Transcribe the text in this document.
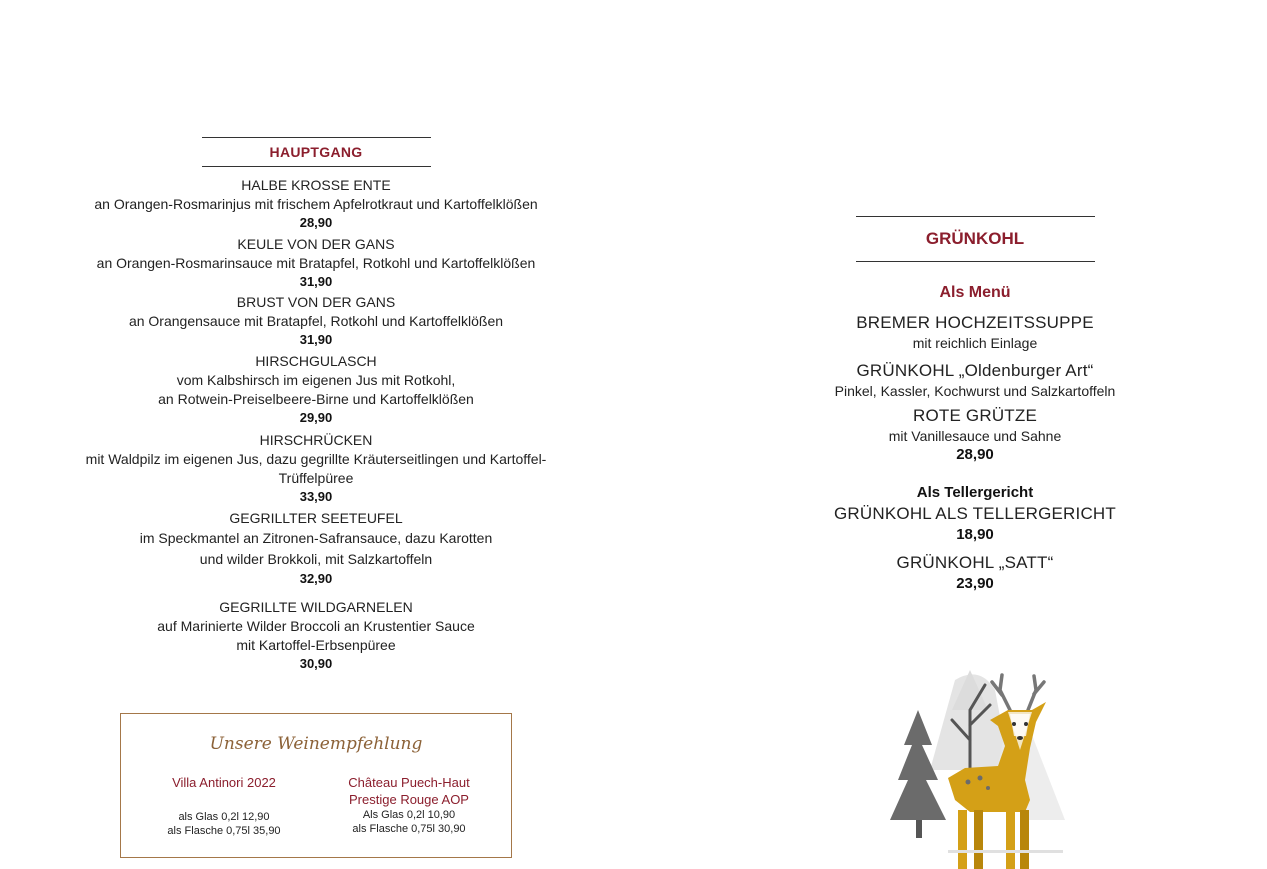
HAUPTGANG
HALBE KROSSE ENTE
an Orangen-Rosmarinjus mit frischem Apfelrotkraut und Kartoffelklößen
28,90
KEULE VON DER GANS
an Orangen-Rosmarinsauce mit Bratapfel, Rotkohl und Kartoffelklößen
31,90
BRUST VON DER GANS
an Orangensauce mit Bratapfel, Rotkohl und Kartoffelklößen
31,90
HIRSCHGULASCH
vom Kalbshirsch im eigenen Jus mit Rotkohl,
an Rotwein-Preiselbeere-Birne und Kartoffelklößen
29,90
HIRSCHRÜCKEN
mit Waldpilz im eigenen Jus, dazu gegrillte Kräuterseitlingen und Kartoffel-
Trüffelpüree
33,90
GEGRILLTER SEETEUFEL
im Speckmantel an Zitronen-Safransauce, dazu Karotten
und wilder Brokkoli, mit Salzkartoffeln
32,90
GEGRILLTE WILDGARNELEN
auf Marinierte Wilder Broccoli an Krustentier Sauce
mit Kartoffel-Erbsenpüree
30,90
Unsere Weinempfehlung
Villa Antinori 2022
als Glas 0,2l 12,90
als Flasche 0,75l 35,90
Château Puech-Haut
Prestige Rouge AOP
Als Glas 0,2l 10,90
als Flasche 0,75l 30,90
GRÜNKOHL
Als Menü
BREMER HOCHZEITSSUPPE
mit reichlich Einlage
GRÜNKOHL „Oldenburger Art“
Pinkel, Kassler, Kochwurst und Salzkartoffeln
ROTE GRÜTZE
mit Vanillesauce und Sahne
28,90
Als Tellergericht
GRÜNKOHL ALS TELLERGERICHT
18,90
GRÜNKOHL „SATT“
23,90
